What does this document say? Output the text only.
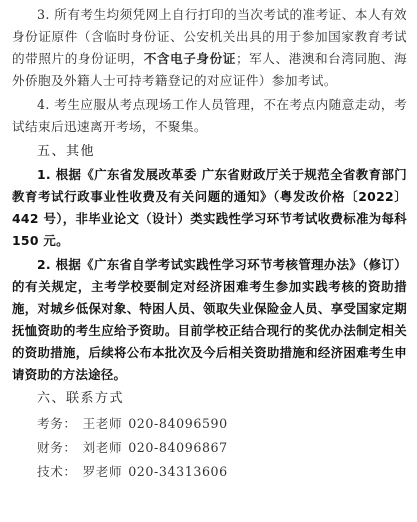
3. 所有考生均须凭网上自行打印的当次考试的准考证、本人有效身份证原件（含临时身份证、公安机关出具的用于参加国家教育考试的带照片的身份证明，不含电子身份证；军人、港澳和台湾同胞、海外侨胞及外籍人士可持考籍登记的对应证件）参加考试。

4. 考生应服从考点现场工作人员管理，不在考点内随意走动，考试结束后迅速离开考场，不聚集。

五、其他

1. 根据《广东省发展改革委 广东省财政厅关于规范全省教育部门教育考试行政事业性收费及有关问题的通知》（粤发改价格〔2022〕442 号），非毕业论文（设计）类实践性学习环节考试收费标准为每科 150 元。

2. 根据《广东省自学考试实践性学习环节考核管理办法》（修订）的有关规定，主考学校要制定对经济困难考生参加实践考核的资助措施，对城乡低保对象、特困人员、领取失业保险金人员、享受国家定期抚恤资助的考生应给予资助。目前学校正结合现行的奖优办法制定相关的资助措施，后续将公布本批次及今后相关资助措施和经济困难考生申请资助的方法途径。

六、联系方式

考务： 王老师 020-84096590

财务： 刘老师 020-84096867

技术： 罗老师 020-34313606
